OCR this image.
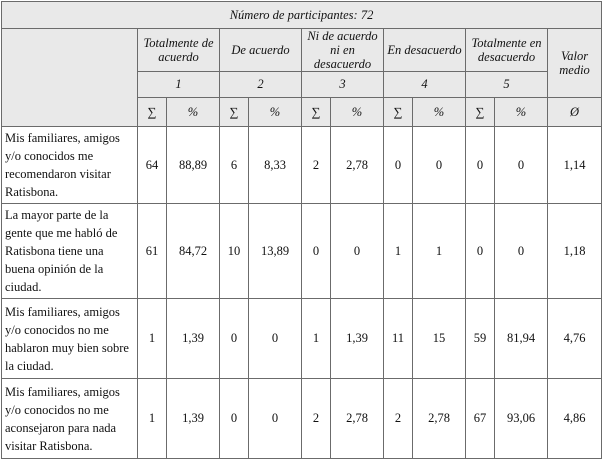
Número de participantes: 72											
	Totalmente de acuerdo		De acuerdo		Ni de acuerdo ni en desacuerdo		En desacuerdo		Totalmente en desacuerdo		Valor medio
	1		2		3		4		5		
	∑	%	∑	%	∑	%	∑	%	∑	%	Ø
Mis familiares, amigos y/o conocidos me recomendaron visitar Ratisbona.	64	88,89	6	8,33	2	2,78	0	0	0	0	1,14
La mayor parte de la gente que me habló de Ratisbona tiene una buena opinión de la ciudad.	61	84,72	10	13,89	0	0	1	1	0	0	1,18
Mis familiares, amigos y/o conocidos no me hablaron muy bien sobre la ciudad.	1	1,39	0	0	1	1,39	11	15	59	81,94	4,76
Mis familiares, amigos y/o conocidos no me aconsejaron para nada visitar Ratisbona.	1	1,39	0	0	2	2,78	2	2,78	67	93,06	4,86
